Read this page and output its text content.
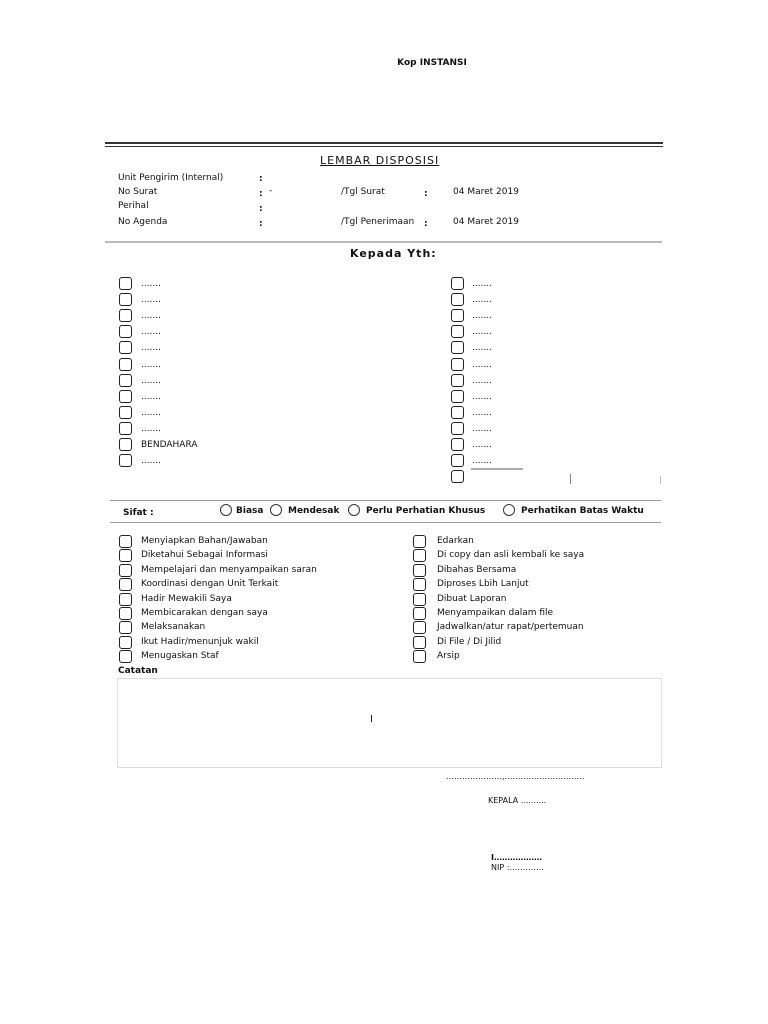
Kop INSTANSI
LEMBAR DISPOSISI
Unit Pengirim (Internal)	:
No Surat	: -	/Tgl Surat	:	04 Maret 2019
Perihal	:
No Agenda	:	/Tgl Penerimaan :	04 Maret 2019
Kepada Yth:
.......
.......
.......
.......
.......
.......
.......
.......
.......
.......
BENDAHARA
.......
.......
.......
.......
.......
.......
.......
.......
.......
.......
.......
.......
.......
Sifat :	Biasa	Mendesak	Perlu Perhatian Khusus	Perhatikan Batas Waktu
Menyiapkan Bahan/Jawaban
Diketahui Sebagai Informasi
Mempelajari dan menyampaikan saran
Koordinasi dengan Unit Terkait
Hadir Mewakili Saya
Membicarakan dengan saya
Melaksanakan
Ikut Hadir/menunjuk wakil
Menugaskan Staf
Edarkan
Di copy dan asli kembali ke saya
Dibahas Bersama
Diproses Lbih Lanjut
Dibuat Laporan
Menyampaikan dalam file
Jadwalkan/atur rapat/pertemuan
Di File / Di Jilid
Arsip
Catatan
…………………,…………………………
KEPALA ..........
I………………
NIP :………….
